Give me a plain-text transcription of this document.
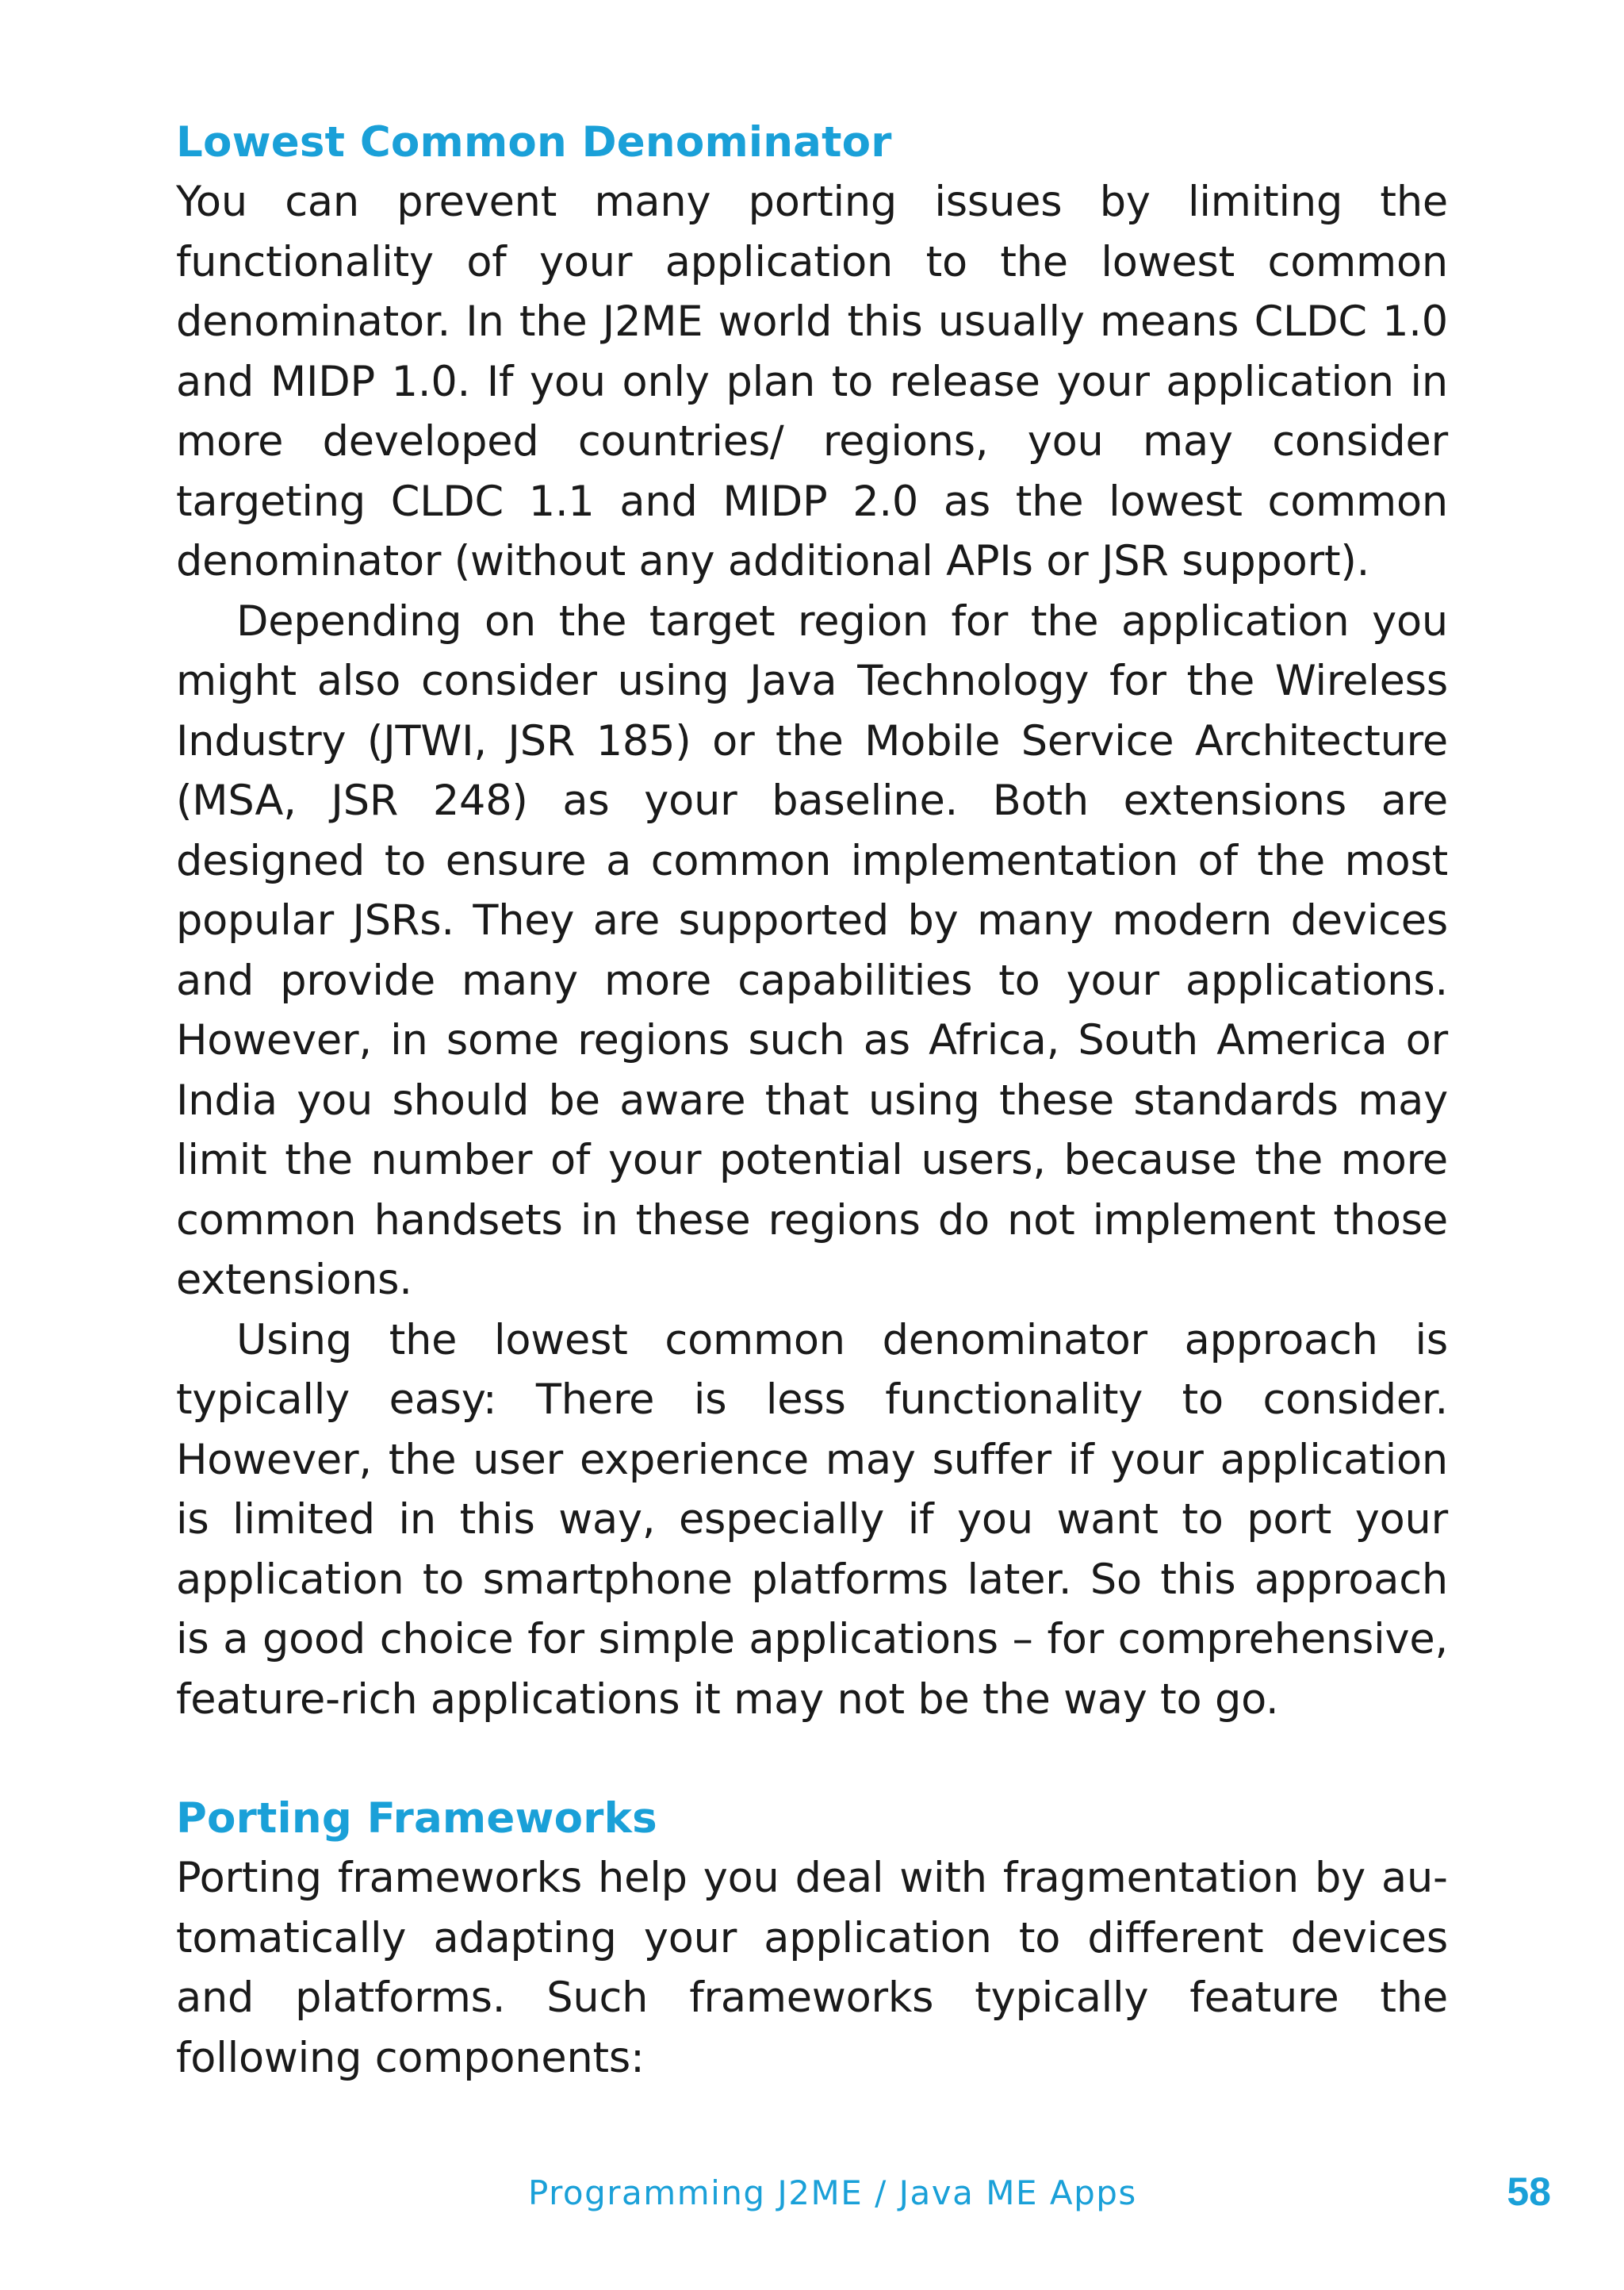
Lowest Common Denominator

You can prevent many porting issues by limiting the functionality of your application to the lowest common denominator. In the J2ME world this usually means CLDC 1.0 and MIDP 1.0. If you only plan to release your application in more developed countries/ regions, you may consider targeting CLDC 1.1 and MIDP 2.0 as the lowest common denominator (without any additional APIs or JSR support).

Depending on the target region for the application you might also consider using Java Technology for the Wireless Industry (JTWI, JSR 185) or the Mobile Service Architecture (MSA, JSR 248) as your baseline. Both extensions are designed to ensure a common implementation of the most popular JSRs. They are supported by many modern devices and provide many more capabilities to your applications. However, in some regions such as Africa, South America or India you should be aware that using these standards may limit the number of your potential users, because the more common handsets in these regions do not implement those extensions.

Using the lowest common denominator approach is typically easy: There is less functionality to consider. However, the user experience may suffer if your application is limited in this way, especially if you want to port your application to smartphone platforms later. So this approach is a good choice for simple applications – for comprehensive, feature-rich applications it may not be the way to go.

Porting Frameworks

Porting frameworks help you deal with fragmentation by automatically adapting your application to different devices and platforms. Such frameworks typically feature the following components:

Programming J2ME / Java ME Apps	58
